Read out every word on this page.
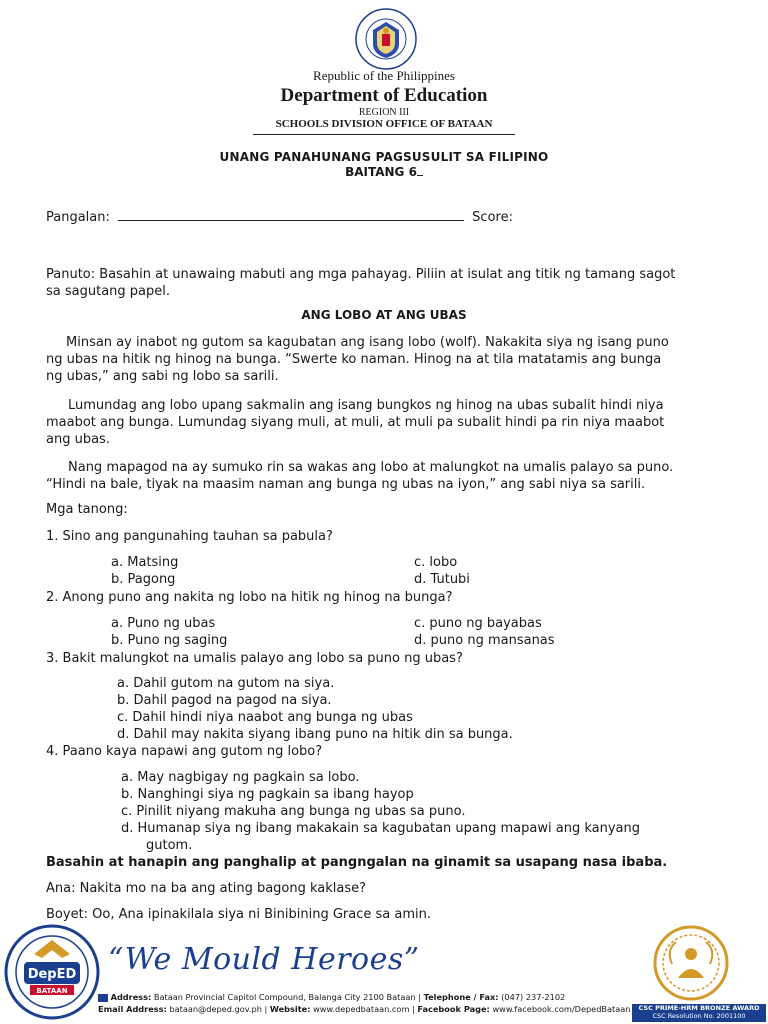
Republic of the Philippines
Department of Education
REGION III
SCHOOLS DIVISION OFFICE OF BATAAN
UNANG PANAHUNANG PAGSUSULIT SA FILIPINO
BAITANG 6
Pangalan:	Score:
Panuto: Basahin at unawaing mabuti ang mga pahayag. Piliin at isulat ang titik ng tamang sagot
sa sagutang papel.
ANG LOBO AT ANG UBAS
Minsan ay inabot ng gutom sa kagubatan ang isang lobo (wolf). Nakakita siya ng isang puno
ng ubas na hitik ng hinog na bunga. “Swerte ko naman. Hinog na at tila matatamis ang bunga
ng ubas,” ang sabi ng lobo sa sarili.
Lumundag ang lobo upang sakmalin ang isang bungkos ng hinog na ubas subalit hindi niya
maabot ang bunga. Lumundag siyang muli, at muli, at muli pa subalit hindi pa rin niya maabot
ang ubas.
Nang mapagod na ay sumuko rin sa wakas ang lobo at malungkot na umalis palayo sa puno.
“Hindi na bale, tiyak na maasim naman ang bunga ng ubas na iyon,” ang sabi niya sa sarili.
Mga tanong:
1. Sino ang pangunahing tauhan sa pabula?
a. Matsing	c. lobo
b. Pagong	d. Tutubi
2. Anong puno ang nakita ng lobo na hitik ng hinog na bunga?
a. Puno ng ubas	c. puno ng bayabas
b. Puno ng saging	d. puno ng mansanas
3. Bakit malungkot na umalis palayo ang lobo sa puno ng ubas?
a. Dahil gutom na gutom na siya.
b. Dahil pagod na pagod na siya.
c. Dahil hindi niya naabot ang bunga ng ubas
d. Dahil may nakita siyang ibang puno na hitik din sa bunga.
4. Paano kaya napawi ang gutom ng lobo?
a. May nagbigay ng pagkain sa lobo.
b. Nanghingi siya ng pagkain sa ibang hayop
c. Pinilit niyang makuha ang bunga ng ubas sa puno.
d. Humanap siya ng ibang makakain sa kagubatan upang mapawi ang kanyang
gutom.
Basahin at hanapin ang panghalip at pangngalan na ginamit sa usapang nasa ibaba.
Ana: Nakita mo na ba ang ating bagong kaklase?
Boyet: Oo, Ana ipinakilala siya ni Binibining Grace sa amin.
DepED
BATAAN
“We Mould Heroes”
Address: Bataan Provincial Capitol Compound, Balanga City 2100 Bataan | Telephone / Fax: (047) 237-2102
Email Address: bataan@deped.gov.ph | Website: www.depedbataan.com | Facebook Page: www.facebook.com/DepedBataan	CSC PRIME-HRM BRONZE AWARD
CSC Resolution No. 2001100
